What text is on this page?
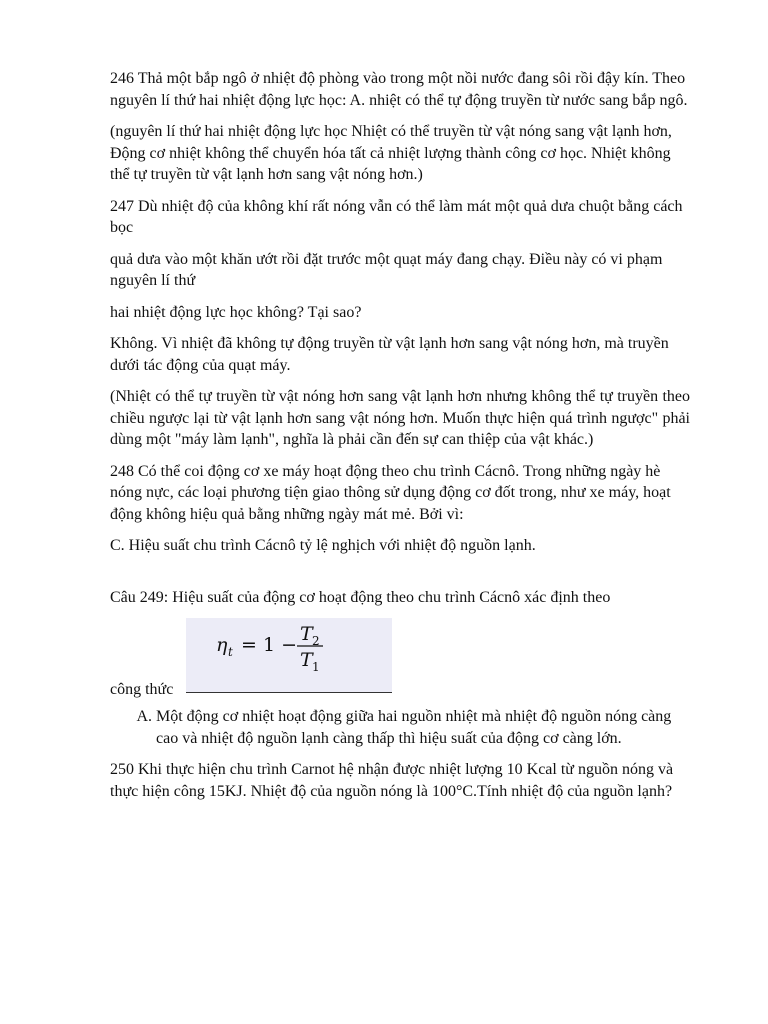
246 Thả một bắp ngô ở nhiệt độ phòng vào trong một nồi nước đang sôi rồi đậy kín. Theo nguyên lí thứ hai nhiệt động lực học: A. nhiệt có thể tự động truyền từ nước sang bắp ngô.

(nguyên lí thứ hai nhiệt động lực học Nhiệt có thể truyền từ vật nóng sang vật lạnh hơn, Động cơ nhiệt không thể chuyển hóa tất cả nhiệt lượng thành công cơ học. Nhiệt không thể tự truyền từ vật lạnh hơn sang vật nóng hơn.)

247 Dù nhiệt độ của không khí rất nóng vẫn có thể làm mát một quả dưa chuột bằng cách bọc

quả dưa vào một khăn ướt rồi đặt trước một quạt máy đang chạy. Điều này có vi phạm nguyên lí thứ

hai nhiệt động lực học không? Tại sao?

Không. Vì nhiệt đã không tự động truyền từ vật lạnh hơn sang vật nóng hơn, mà truyền dưới tác động của quạt máy.

(Nhiệt có thể tự truyền từ vật nóng hơn sang vật lạnh hơn nhưng không thể tự truyền theo chiều ngược lại từ vật lạnh hơn sang vật nóng hơn. Muốn thực hiện quá trình ngược" phải dùng một "máy làm lạnh", nghĩa là phải cần đến sự can thiệp của vật khác.)

248 Có thể coi động cơ xe máy hoạt động theo chu trình Cácnô. Trong những ngày hè nóng nực, các loại phương tiện giao thông sử dụng động cơ đốt trong, như xe máy, hoạt động không hiệu quả bằng những ngày mát mẻ. Bởi vì:

C. Hiệu suất chu trình Cácnô tỷ lệ nghịch với nhiệt độ nguồn lạnh.

Câu 249: Hiệu suất của động cơ hoạt động theo chu trình Cácnô xác định theo

công thức
η t = 1 − T 2
T 1
A. Một động cơ nhiệt hoạt động giữa hai nguồn nhiệt mà nhiệt độ nguồn nóng càng cao và nhiệt độ nguồn lạnh càng thấp thì hiệu suất của động cơ càng lớn.

250 Khi thực hiện chu trình Carnot hệ nhận được nhiệt lượng 10 Kcal từ nguồn nóng và thực hiện công 15KJ. Nhiệt độ của nguồn nóng là 100°C.Tính nhiệt độ của nguồn lạnh?
